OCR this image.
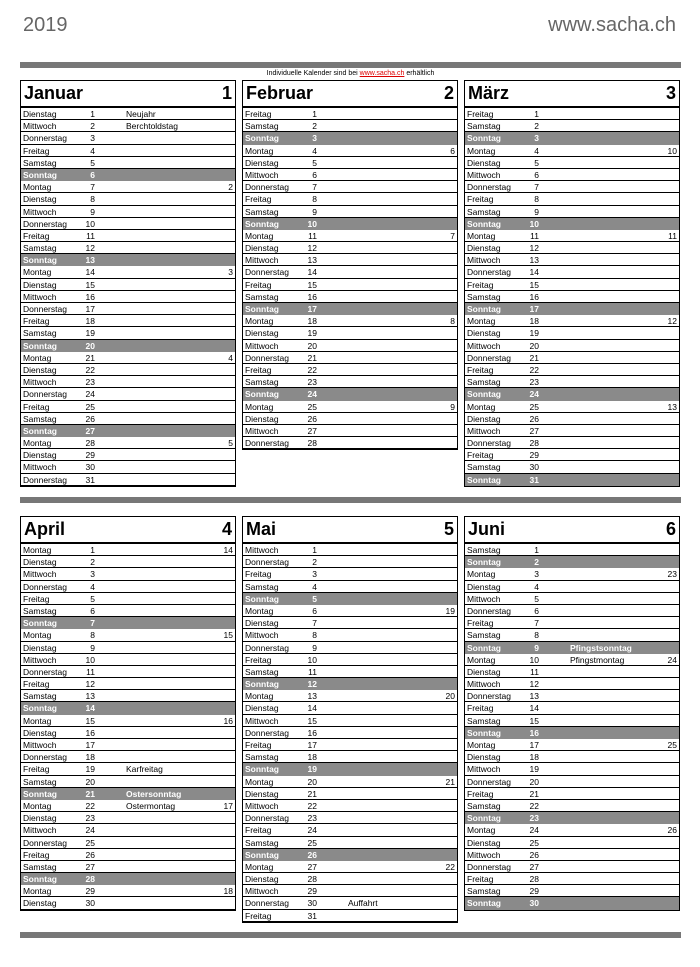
2019	www.sacha.ch
Individuelle Kalender sind bei www.sacha.ch erhältlich
Januar	1
Dienstag	1	Neujahr
Mittwoch	2	Berchtoldstag
Donnerstag	3
Freitag	4
Samstag	5
Sonntag	6
Montag	7	2
Dienstag	8
Mittwoch	9
Donnerstag	10
Freitag	11
Samstag	12
Sonntag	13
Montag	14	3
Dienstag	15
Mittwoch	16
Donnerstag	17
Freitag	18
Samstag	19
Sonntag	20
Montag	21	4
Dienstag	22
Mittwoch	23
Donnerstag	24
Freitag	25
Samstag	26
Sonntag	27
Montag	28	5
Dienstag	29
Mittwoch	30
Donnerstag	31
Februar	2
Freitag	1
Samstag	2
Sonntag	3
Montag	4	6
Dienstag	5
Mittwoch	6
Donnerstag	7
Freitag	8
Samstag	9
Sonntag	10
Montag	11	7
Dienstag	12
Mittwoch	13
Donnerstag	14
Freitag	15
Samstag	16
Sonntag	17
Montag	18	8
Dienstag	19
Mittwoch	20
Donnerstag	21
Freitag	22
Samstag	23
Sonntag	24
Montag	25	9
Dienstag	26
Mittwoch	27
Donnerstag	28
März	3
Freitag	1
Samstag	2
Sonntag	3
Montag	4	10
Dienstag	5
Mittwoch	6
Donnerstag	7
Freitag	8
Samstag	9
Sonntag	10
Montag	11	11
Dienstag	12
Mittwoch	13
Donnerstag	14
Freitag	15
Samstag	16
Sonntag	17
Montag	18	12
Dienstag	19
Mittwoch	20
Donnerstag	21
Freitag	22
Samstag	23
Sonntag	24
Montag	25	13
Dienstag	26
Mittwoch	27
Donnerstag	28
Freitag	29
Samstag	30
Sonntag	31
April	4
Montag	1	14
Dienstag	2
Mittwoch	3
Donnerstag	4
Freitag	5
Samstag	6
Sonntag	7
Montag	8	15
Dienstag	9
Mittwoch	10
Donnerstag	11
Freitag	12
Samstag	13
Sonntag	14
Montag	15	16
Dienstag	16
Mittwoch	17
Donnerstag	18
Freitag	19	Karfreitag
Samstag	20
Sonntag	21	Ostersonntag
Montag	22	Ostermontag	17
Dienstag	23
Mittwoch	24
Donnerstag	25
Freitag	26
Samstag	27
Sonntag	28
Montag	29	18
Dienstag	30
Mai	5
Mittwoch	1
Donnerstag	2
Freitag	3
Samstag	4
Sonntag	5
Montag	6	19
Dienstag	7
Mittwoch	8
Donnerstag	9
Freitag	10
Samstag	11
Sonntag	12
Montag	13	20
Dienstag	14
Mittwoch	15
Donnerstag	16
Freitag	17
Samstag	18
Sonntag	19
Montag	20	21
Dienstag	21
Mittwoch	22
Donnerstag	23
Freitag	24
Samstag	25
Sonntag	26
Montag	27	22
Dienstag	28
Mittwoch	29
Donnerstag	30	Auffahrt
Freitag	31
Juni	6
Samstag	1
Sonntag	2
Montag	3	23
Dienstag	4
Mittwoch	5
Donnerstag	6
Freitag	7
Samstag	8
Sonntag	9	Pfingstsonntag
Montag	10	Pfingstmontag	24
Dienstag	11
Mittwoch	12
Donnerstag	13
Freitag	14
Samstag	15
Sonntag	16
Montag	17	25
Dienstag	18
Mittwoch	19
Donnerstag	20
Freitag	21
Samstag	22
Sonntag	23
Montag	24	26
Dienstag	25
Mittwoch	26
Donnerstag	27
Freitag	28
Samstag	29
Sonntag	30
